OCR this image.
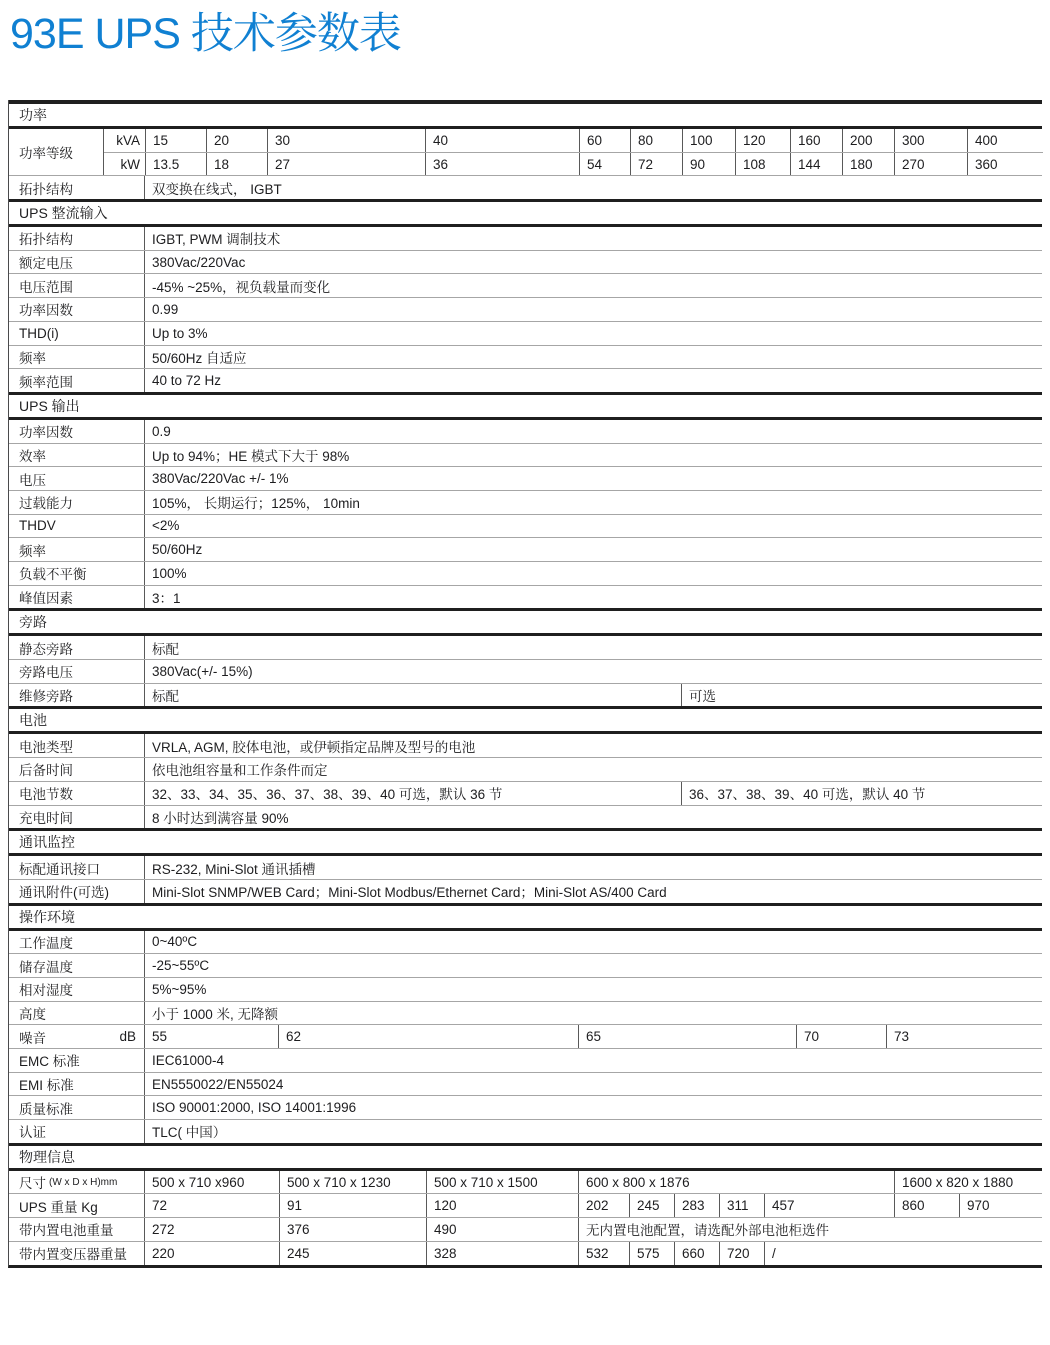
93E UPS 技术参数表
功率
功率等级
kVA 15	20	30	40	60	80	100	120	160	200	300	400
kW 13.5	18	27	36	54	72	90	108	144	180	270	360
拓扑结构	双变换在线式， IGBT
UPS 整流输入
拓扑结构	IGBT, PWM 调制技术
额定电压	380Vac/220Vac
电压范围	-45% ~25%，视负载量而变化
功率因数	0.99
THD(i)	Up to 3%
频率	50/60Hz 自适应
频率范围	40 to 72 Hz
UPS 输出
功率因数	0.9
效率	Up to 94%；HE 模式下大于 98%
电压	380Vac/220Vac +/- 1%
过载能力	105%， 长期运行；125%， 10min
THDV	<2%
频率	50/60Hz
负载不平衡	100%
峰值因素	3：1
旁路
静态旁路	标配
旁路电压	380Vac(+/- 15%)
维修旁路	标配	可选
电池
电池类型	VRLA, AGM, 胶体电池，或伊顿指定品牌及型号的电池
后备时间	依电池组容量和工作条件而定
电池节数	32、33、34、35、36、37、38、39、40 可选，默认 36 节	36、37、38、39、40 可选，默认 40 节
充电时间	8 小时达到满容量 90%
通讯监控
标配通讯接口	RS-232, Mini-Slot 通讯插槽
通讯附件(可选)	Mini-Slot SNMP/WEB Card；Mini-Slot Modbus/Ethernet Card；Mini-Slot AS/400 Card
操作环境
工作温度	0~40ºC
储存温度	-25~55ºC
相对湿度	5%~95%
高度	小于 1000 米, 无降额
噪音	dB	55	62	65	70	73
EMC 标准	IEC61000-4
EMI 标准	EN5550022/EN55024
质量标准	ISO 90001:2000, ISO 14001:1996
认证	TLC( 中国）
物理信息
尺寸 (W x D x H)mm	500 x 710 x960	500 x 710 x 1230	500 x 710 x 1500	600 x 800 x 1876	1600 x 820 x 1880
UPS 重量 Kg	72	91	120	202	245	283	311	457	860	970
带内置电池重量	272	376	490	无内置电池配置，请选配外部电池柜选件
带内置变压器重量	220	245	328	532	575	660	720	/
